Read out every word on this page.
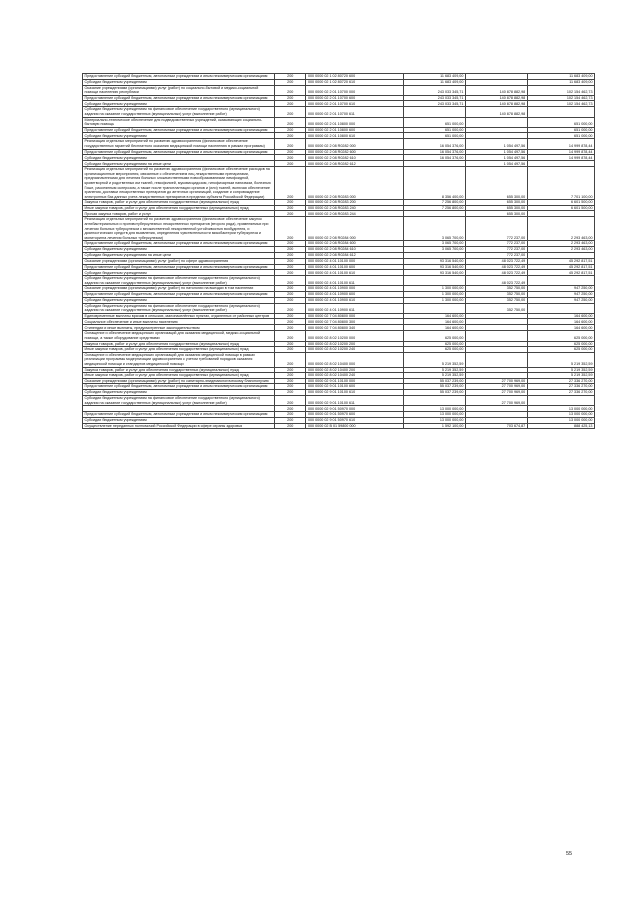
Предоставление субсидий бюджетным, автономным учреждениям и иным некоммерческим организациям	200	000 0000 02 1 02 80720 600	11 683 409,00		11 683 409,00
Субсидии бюджетным учреждениям	200	000 0000 02 1 02 80720 610	11 683 409,00		11 683 409,00
Оказание учреждениями (организациями) услуг (работ) по социально-бытовой и медико-социальной помощи населению республики	200	000 0000 02 2 01 10700 000	243 033 345,71	140 878 882,98	102 154 462,73
Предоставление субсидий бюджетным, автономным учреждениям и иным некоммерческим организациям	200	000 0000 02 2 01 10700 600	243 033 345,71	140 878 882,98	102 154 462,73
Субсидии бюджетным учреждениям	200	000 0000 02 2 01 10700 610	243 033 345,71	140 878 882,98	102 154 462,73
Субсидии бюджетным учреждениям на финансовое обеспечение государственного (муниципального) задания на оказание государственных (муниципальных) услуг (выполнение работ)	200	000 0000 02 2 01 10700 611		140 878 882,98	
Материально-техническое обеспечение для подведомственных учреждений, оказывающих социально-бытовую помощь	200	000 0000 02 2 01 10800 000	651 000,00		651 000,00
Предоставление субсидий бюджетным, автономным учреждениям и иным некоммерческим организациям	200	000 0000 02 2 01 10800 600	651 000,00		651 000,00
Субсидии бюджетным учреждениям	200	000 0000 02 2 01 10800 610	651 000,00		651 000,00
Реализация отдельных мероприятий по развитию здравоохранения (финансовое обеспечение государственных гарантий бесплатного оказания медицинской помощи населению в рамках программы)	200	000 0000 02 2 08 R0282 000	16 054 376,00	1 054 497,56	14 999 878,44
Предоставление субсидий бюджетным, автономным учреждениям и иным некоммерческим организациям	200	000 0000 02 2 08 R0282 600	16 054 376,00	1 054 497,56	14 999 878,44
Субсидии бюджетным учреждениям	200	000 0000 02 2 08 R0282 610	16 054 376,00	1 054 497,56	14 999 878,44
Субсидии бюджетным учреждениям на иные цели	200	000 0000 02 2 08 R0282 612		1 054 497,56	
Реализация отдельных мероприятий по развитию здравоохранения (финансовое обеспечение расходов на организационные мероприятия, связанные с обеспечением лиц лекарственными препаратами, предназначенными для лечения больных злокачественными новообразованиями лимфоидной, кроветворной и родственных им тканей, гемофилией, муковисцидозом, гипофизарным нанизмом, болезнью Гоше, рассеянным склерозом, а также после трансплантации органов и (или) тканей, включая обеспечение хранения, доставки лекарственных препаратов до аптечных организаций, создание и сопровождение электронных баз данных учета лекарственных препаратов в пределах субъекта Российской Федерации)	200	000 0000 02 2 08 R0283 000	8 356 400,00	655 300,00	7 701 100,00
Закупка товаров, работ и услуг для обеспечения государственных (муниципальных) нужд	200	000 0000 02 2 08 R0283 200	7 256 800,00	655 300,00	6 601 500,00
Иные закупки товаров, работ и услуг для обеспечения государственных (муниципальных) нужд	200	000 0000 02 2 08 R0283 240	7 256 800,00	655 300,00	6 601 500,00
Прочая закупка товаров, работ и услуг	200	000 0000 02 2 08 R0283 244		655 300,00	
Реализация отдельных мероприятий по развитию здравоохранения (финансовое обеспечение закупок антибактериальных и противотуберкулезных лекарственных препаратов (второго ряда), применяемых при лечении больных туберкулезом с множественной лекарственной устойчивостью возбудителя, и диагностических средств для выявления, определения чувствительности микобактерии туберкулеза и мониторинга лечения больных туберкулезом)	200	000 0000 02 2 08 R0284 000	3 065 700,00	772 237,00	2 293 463,00
Предоставление субсидий бюджетным, автономным учреждениям и иным некоммерческим организациям	200	000 0000 02 2 08 R0284 600	3 065 700,00	772 237,00	2 293 463,00
Субсидии бюджетным учреждениям	200	000 0000 02 2 08 R0284 610	3 065 700,00	772 237,00	2 293 463,00
Субсидии бюджетным учреждениям на иные цели	200	000 0000 02 2 08 R0284 612		772 237,00	
Оказание учреждениями (организациями) услуг (работ) по сфере здравоохранения	200	000 0000 02 4 01 10100 000	93 316 540,00	48 023 722,49	45 292 817,51
Предоставление субсидий бюджетным, автономным учреждениям и иным некоммерческим организациям	200	000 0000 02 4 01 10100 600	93 316 540,00	48 023 722,49	45 292 817,51
Субсидии бюджетным учреждениям	200	000 0000 02 4 01 10100 610	93 316 540,00	48 023 722,49	45 292 817,51
Субсидии бюджетным учреждениям на финансовое обеспечение государственного (муниципального) задания на оказание государственных (муниципальных) услуг (выполнение работ)	200	000 0000 02 4 01 10100 611		48 023 722,49	
Оказание учреждениями (организациями) услуг (работ) по патологии на выездах в том населении	200	000 0000 02 4 01 10900 000	1 300 000,00	352 750,00	947 250,00
Предоставление субсидий бюджетным, автономным учреждениям и иным некоммерческим организациям	200	000 0000 02 4 01 10900 600	1 300 000,00	352 750,00	947 250,00
Субсидии бюджетным учреждениям	200	000 0000 02 4 01 10900 610	1 300 000,00	352 750,00	947 250,00
Субсидии бюджетным учреждениям на финансовое обеспечение государственного (муниципального) задания на оказание государственных (муниципальных) услуг (выполнение работ)	200	000 0000 02 4 01 10900 611		352 750,00	
Единовременные выплаты врачам в сельских, малонаселённых пунктах, отдаленных от районных центров	200	000 0000 02 7 04 80800 000	164 600,00		164 600,00
Социальное обеспечение и иные выплаты населению	200	000 0000 02 7 04 80800 300	164 600,00		164 600,00
Стипендии и иные выплаты, предусмотренные законодательством	200	000 0000 02 7 04 80800 340	164 600,00		164 600,00
Оснащение и обеспечение медицинских организаций для оказания медицинской, медико-социальной помощи, а также оборудование средствами	200	000 0000 02 8 02 10200 000	625 000,00		625 000,00
Закупка товаров, работ и услуг для обеспечения государственных (муниципальных) нужд	200	000 0000 02 8 02 10200 200	625 000,00		625 000,00
Иные закупки товаров, работ и услуг для обеспечения государственных (муниципальных) нужд	200	000 0000 02 8 02 10200 240	625 000,00		625 000,00
Оснащение и обеспечение медицинских организаций для оказания медицинской помощи в рамках реализации программы модернизации здравоохранения с учетом требований порядков оказания медицинской помощи и стандартов медицинской помощи	200	000 0000 02 8 02 10400 000	5 219 352,59		5 219 352,59
Закупка товаров, работ и услуг для обеспечения государственных (муниципальных) нужд	200	000 0000 02 8 02 10400 200	5 219 352,59		5 219 352,59
Иные закупки товаров, работ и услуг для обеспечения государственных (муниципальных) нужд	200	000 0000 02 8 02 10400 240	5 219 352,59		5 219 352,59
Оказание учреждениями (организациями) услуг (работ) по санитарно-эпидемиологическому благополучию	200	000 0000 02 9 01 10100 000	55 037 239,00	27 700 969,00	27 336 270,00
Предоставление субсидий бюджетным, автономным учреждениям и иным некоммерческим организациям	200	000 0000 02 9 01 10100 600	55 037 239,00	27 700 969,00	27 336 270,00
Субсидии бюджетным учреждениям	200	000 0000 02 9 01 10100 610	55 037 239,00	27 700 969,00	27 336 270,00
Субсидии бюджетным учреждениям на финансовое обеспечение государственного (муниципального) задания на оказание государственных (муниципальных) услуг (выполнение работ)	200	000 0000 02 9 01 10100 611		27 700 969,00	
	200	000 0000 02 9 01 50970 000	13 000 000,00		13 000 000,00
Предоставление субсидий бюджетным, автономным учреждениям и иным некоммерческим организациям	200	000 0000 02 9 01 50970 600	13 000 000,00		13 000 000,00
Субсидии бюджетным учреждениям	200	000 0000 02 9 01 50970 610	13 000 000,00		13 000 000,00
Осуществление переданных полномочий Российской Федерации в сфере охраны здоровья	200	000 0000 02 В 01 59800 000	1 592 100,00	703 674,87	888 425,13
55
